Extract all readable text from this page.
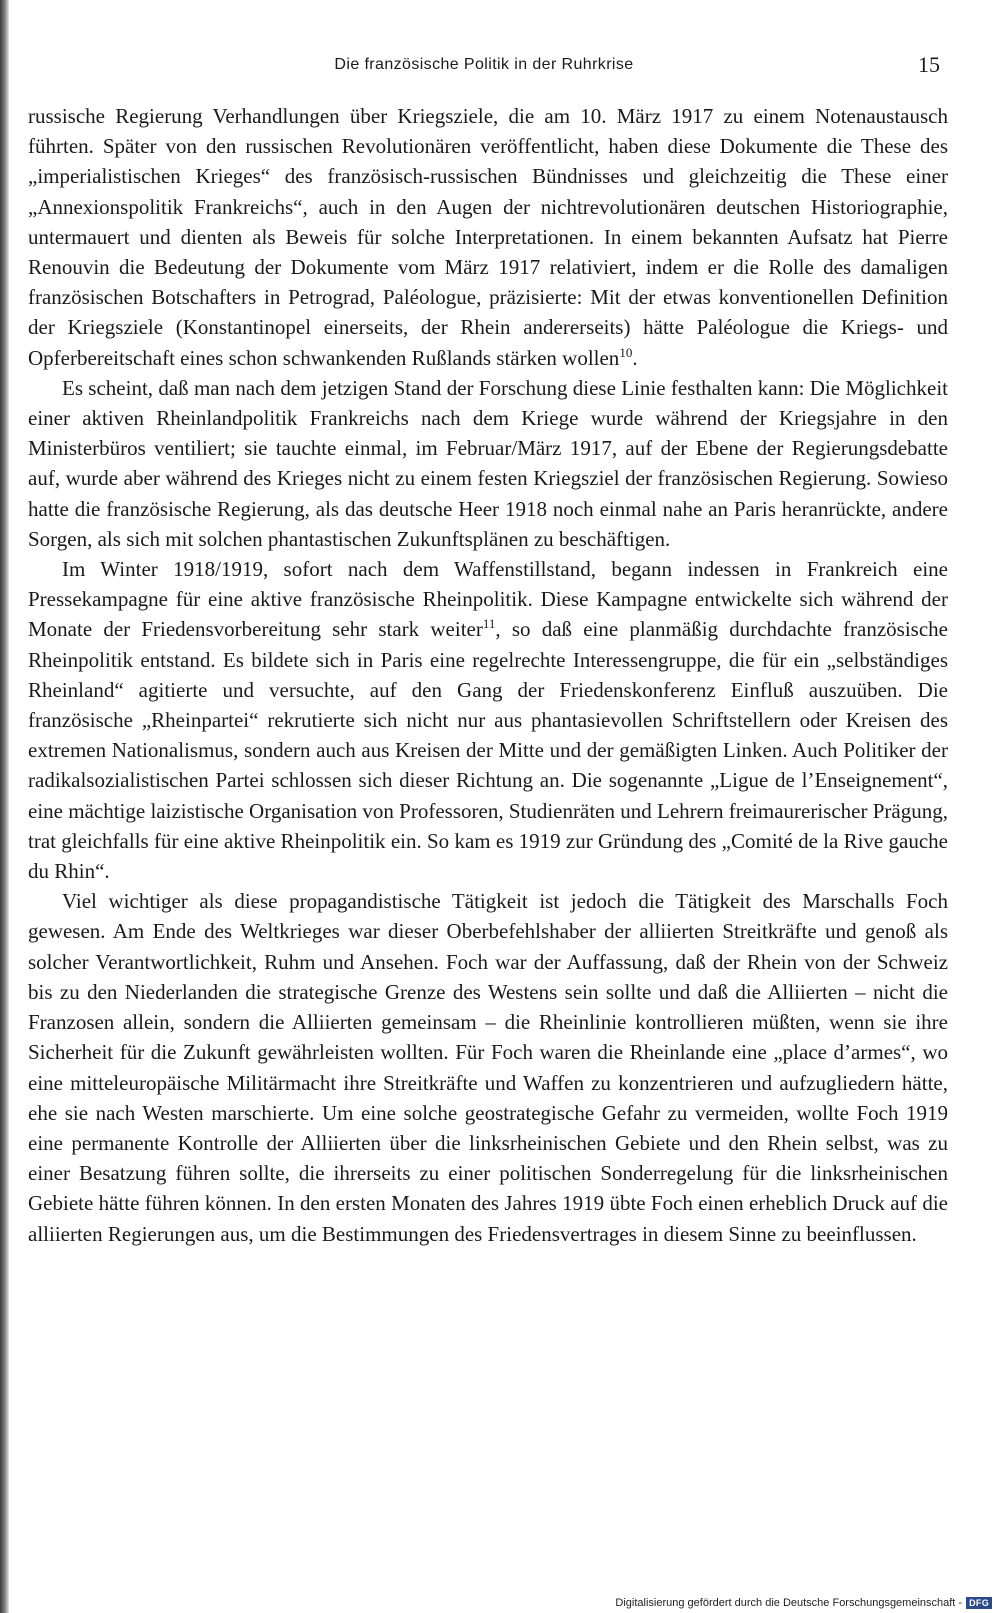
Die französische Politik in der Ruhrkrise	15

russische Regierung Verhandlungen über Kriegsziele, die am 10. März 1917 zu einem Notenaustausch führten. Später von den russischen Revolutionären veröffentlicht, haben diese Dokumente die These des „imperialistischen Krieges“ des französisch-russischen Bündnisses und gleichzeitig die These einer „Annexionspolitik Frankreichs“, auch in den Augen der nichtrevolutionären deutschen Historiographie, untermauert und dienten als Beweis für solche Interpretationen. In einem bekannten Aufsatz hat Pierre Renouvin die Bedeutung der Dokumente vom März 1917 relativiert, indem er die Rolle des damaligen französischen Botschafters in Petrograd, Paléologue, präzisierte: Mit der etwas konventionellen Definition der Kriegsziele (Konstantinopel einerseits, der Rhein andererseits) hätte Paléologue die Kriegs- und Opferbereitschaft eines schon schwankenden Rußlands stärken wollen$^{10}$.

Es scheint, daß man nach dem jetzigen Stand der Forschung diese Linie festhalten kann: Die Möglichkeit einer aktiven Rheinlandpolitik Frankreichs nach dem Kriege wurde während der Kriegsjahre in den Ministerbüros ventiliert; sie tauchte einmal, im Februar/März 1917, auf der Ebene der Regierungsdebatte auf, wurde aber während des Krieges nicht zu einem festen Kriegsziel der französischen Regierung. Sowieso hatte die französische Regierung, als das deutsche Heer 1918 noch einmal nahe an Paris heranrückte, andere Sorgen, als sich mit solchen phantastischen Zukunftsplänen zu beschäftigen.

Im Winter 1918/1919, sofort nach dem Waffenstillstand, begann indessen in Frankreich eine Pressekampagne für eine aktive französische Rheinpolitik. Diese Kampagne entwickelte sich während der Monate der Friedensvorbereitung sehr stark weiter$^{11}$, so daß eine planmäßig durchdachte französische Rheinpolitik entstand. Es bildete sich in Paris eine regelrechte Interessengruppe, die für ein „selbständiges Rheinland“ agitierte und versuchte, auf den Gang der Friedenskonferenz Einfluß auszuüben. Die französische „Rheinpartei“ rekrutierte sich nicht nur aus phantasievollen Schriftstellern oder Kreisen des extremen Nationalismus, sondern auch aus Kreisen der Mitte und der gemäßigten Linken. Auch Politiker der radikalsozialistischen Partei schlossen sich dieser Richtung an. Die sogenannte „Ligue de l’Enseignement“, eine mächtige laizistische Organisation von Professoren, Studienräten und Lehrern freimaurerischer Prägung, trat gleichfalls für eine aktive Rheinpolitik ein. So kam es 1919 zur Gründung des „Comité de la Rive gauche du Rhin“.

Viel wichtiger als diese propagandistische Tätigkeit ist jedoch die Tätigkeit des Marschalls Foch gewesen. Am Ende des Weltkrieges war dieser Oberbefehlshaber der alliierten Streitkräfte und genoß als solcher Verantwortlichkeit, Ruhm und Ansehen. Foch war der Auffassung, daß der Rhein von der Schweiz bis zu den Niederlanden die strategische Grenze des Westens sein sollte und daß die Alliierten – nicht die Franzosen allein, sondern die Alliierten gemeinsam – die Rheinlinie kontrollieren müßten, wenn sie ihre Sicherheit für die Zukunft gewährleisten wollten. Für Foch waren die Rheinlande eine „place d’armes“, wo eine mitteleuropäische Militärmacht ihre Streitkräfte und Waffen zu konzentrieren und aufzugliedern hätte, ehe sie nach Westen marschierte. Um eine solche geostrategische Gefahr zu vermeiden, wollte Foch 1919 eine permanente Kontrolle der Alliierten über die linksrheinischen Gebiete und den Rhein selbst, was zu einer Besatzung führen sollte, die ihrerseits zu einer politischen Sonderregelung für die linksrheinischen Gebiete hätte führen können. In den ersten Monaten des Jahres 1919 übte Foch einen erheblich Druck auf die alliierten Regierungen aus, um die Bestimmungen des Friedensvertrages in diesem Sinne zu beeinflussen.

Digitalisierung gefördert durch die Deutsche Forschungsgemeinschaft - DFG
